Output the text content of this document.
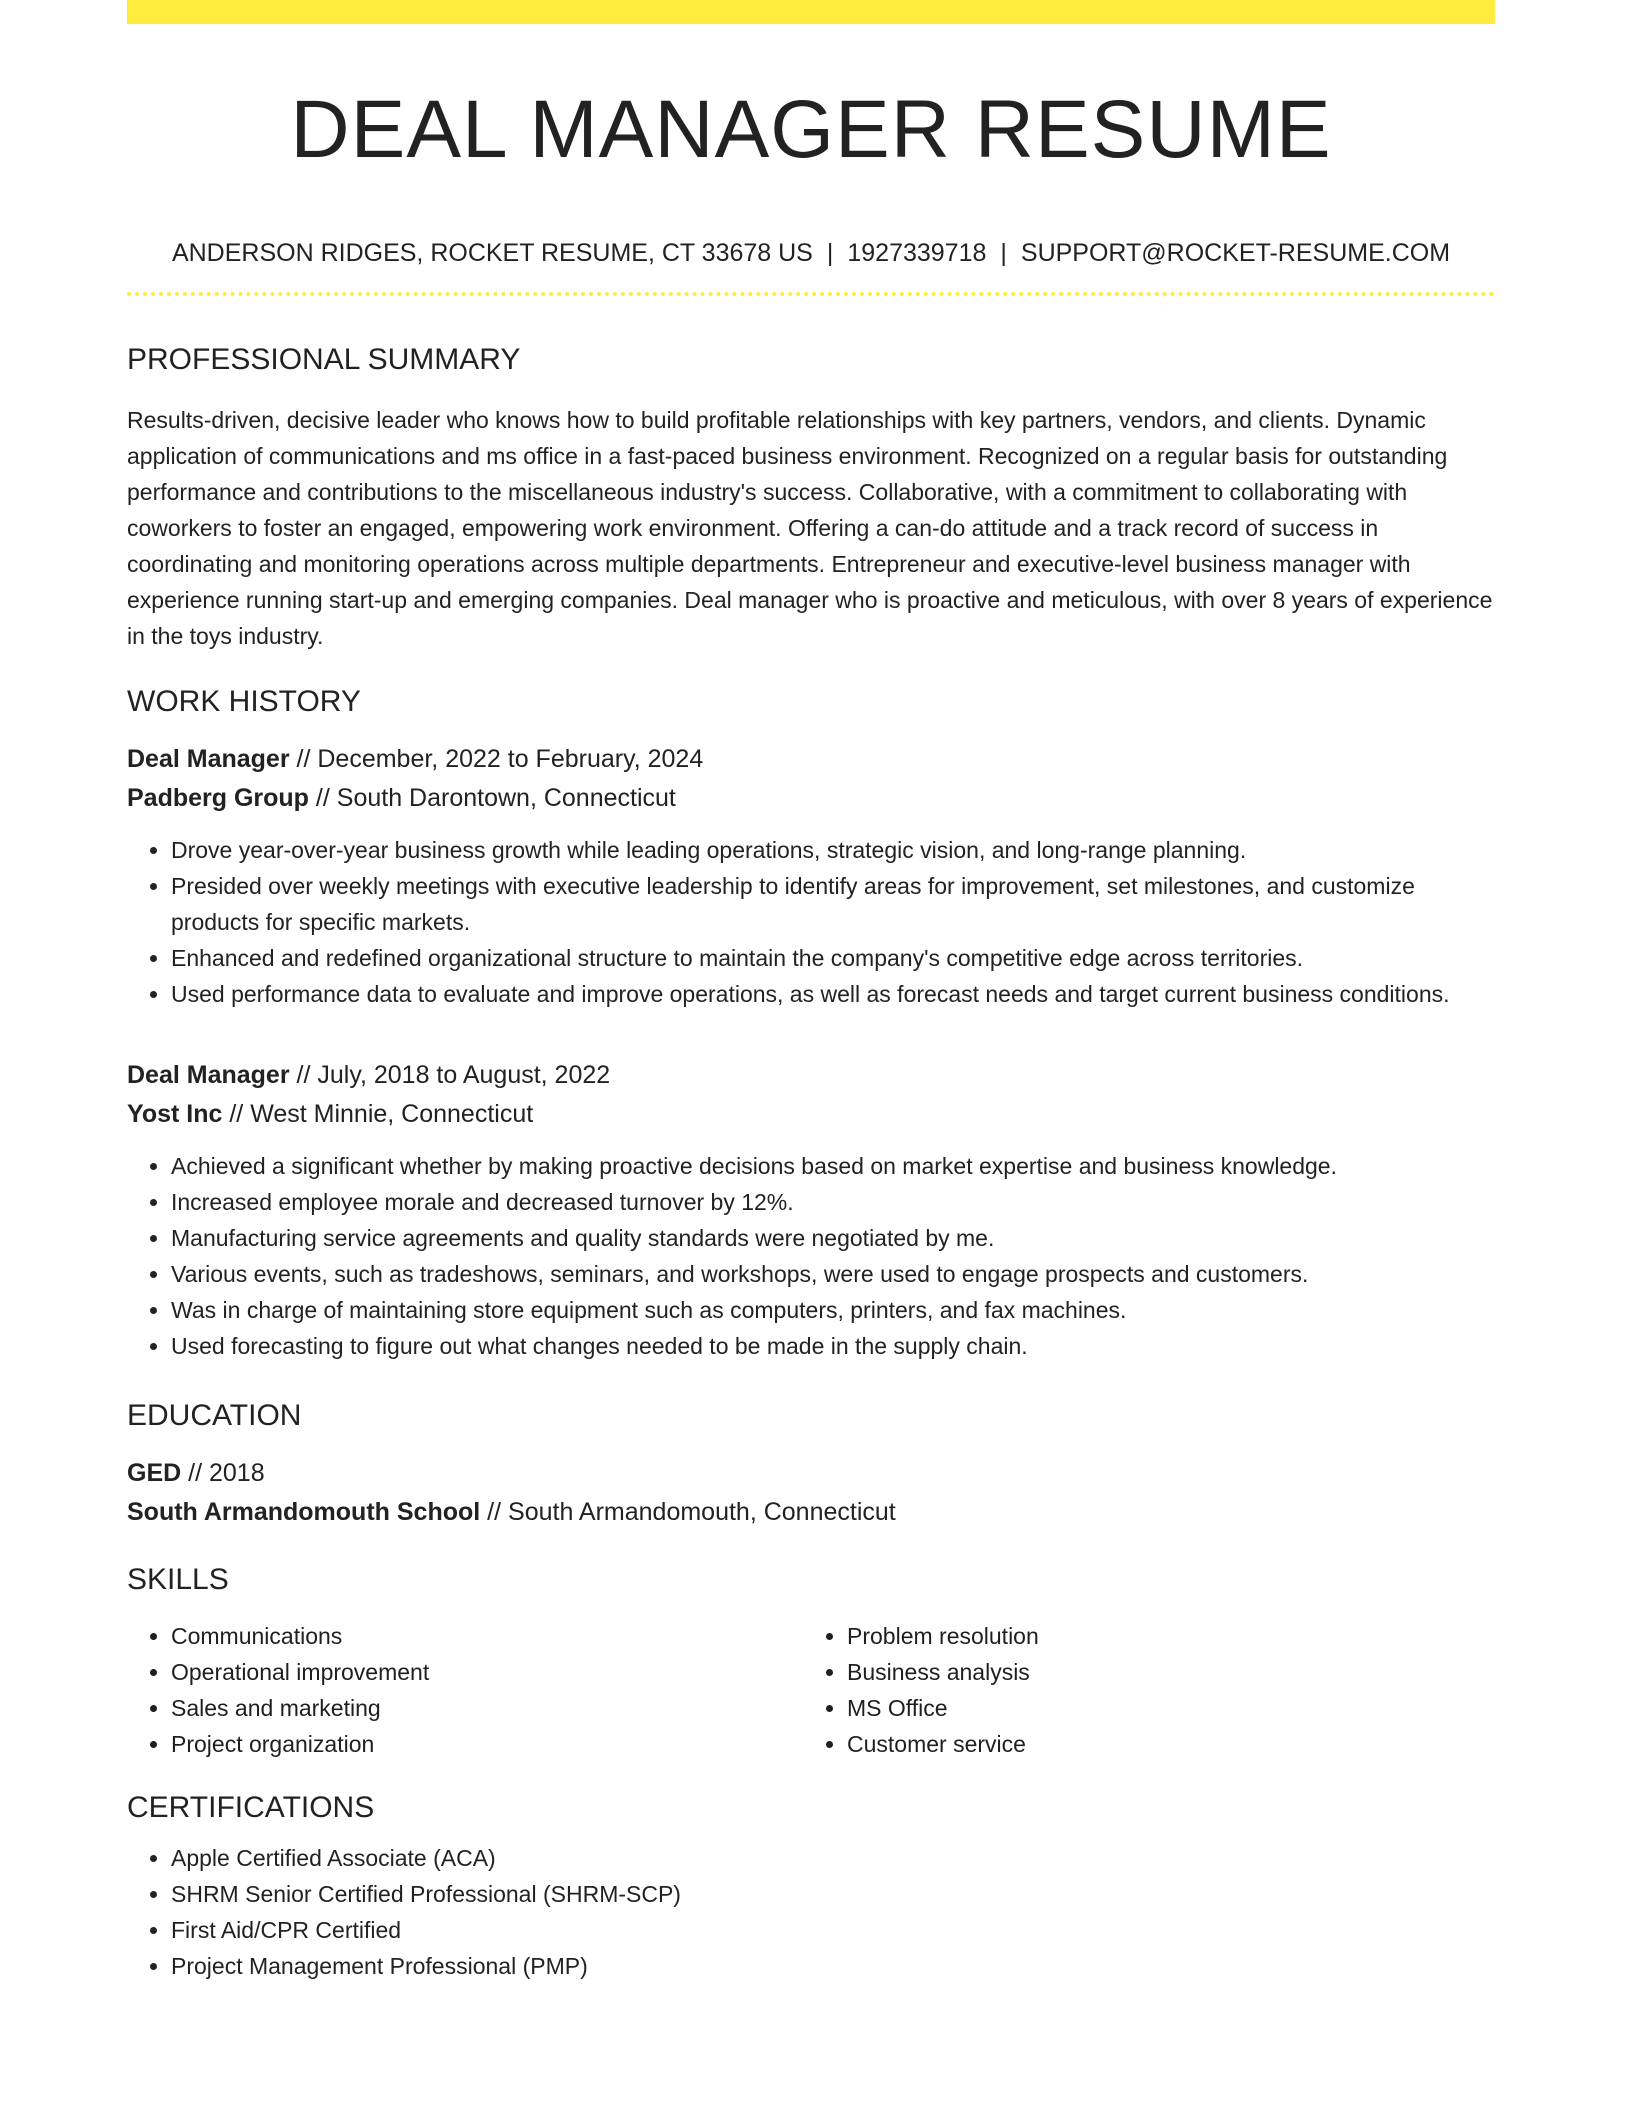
DEAL MANAGER RESUME
ANDERSON RIDGES, ROCKET RESUME, CT 33678 US | 1927339718 | SUPPORT@ROCKET-RESUME.COM
PROFESSIONAL SUMMARY
Results-driven, decisive leader who knows how to build profitable relationships with key partners, vendors, and clients. Dynamic application of communications and ms office in a fast-paced business environment. Recognized on a regular basis for outstanding performance and contributions to the miscellaneous industry's success. Collaborative, with a commitment to collaborating with coworkers to foster an engaged, empowering work environment. Offering a can-do attitude and a track record of success in coordinating and monitoring operations across multiple departments. Entrepreneur and executive-level business manager with experience running start-up and emerging companies. Deal manager who is proactive and meticulous, with over 8 years of experience in the toys industry.
WORK HISTORY
Deal Manager // December, 2022 to February, 2024
Padberg Group // South Darontown, Connecticut
• Drove year-over-year business growth while leading operations, strategic vision, and long-range planning.
• Presided over weekly meetings with executive leadership to identify areas for improvement, set milestones, and customize products for specific markets.
• Enhanced and redefined organizational structure to maintain the company's competitive edge across territories.
• Used performance data to evaluate and improve operations, as well as forecast needs and target current business conditions.
Deal Manager // July, 2018 to August, 2022
Yost Inc // West Minnie, Connecticut
• Achieved a significant whether by making proactive decisions based on market expertise and business knowledge.
• Increased employee morale and decreased turnover by 12%.
• Manufacturing service agreements and quality standards were negotiated by me.
• Various events, such as tradeshows, seminars, and workshops, were used to engage prospects and customers.
• Was in charge of maintaining store equipment such as computers, printers, and fax machines.
• Used forecasting to figure out what changes needed to be made in the supply chain.
EDUCATION
GED // 2018
South Armandomouth School // South Armandomouth, Connecticut
SKILLS
• Communications
• Operational improvement
• Sales and marketing
• Project organization
• Problem resolution
• Business analysis
• MS Office
• Customer service
CERTIFICATIONS
• Apple Certified Associate (ACA)
• SHRM Senior Certified Professional (SHRM-SCP)
• First Aid/CPR Certified
• Project Management Professional (PMP)
